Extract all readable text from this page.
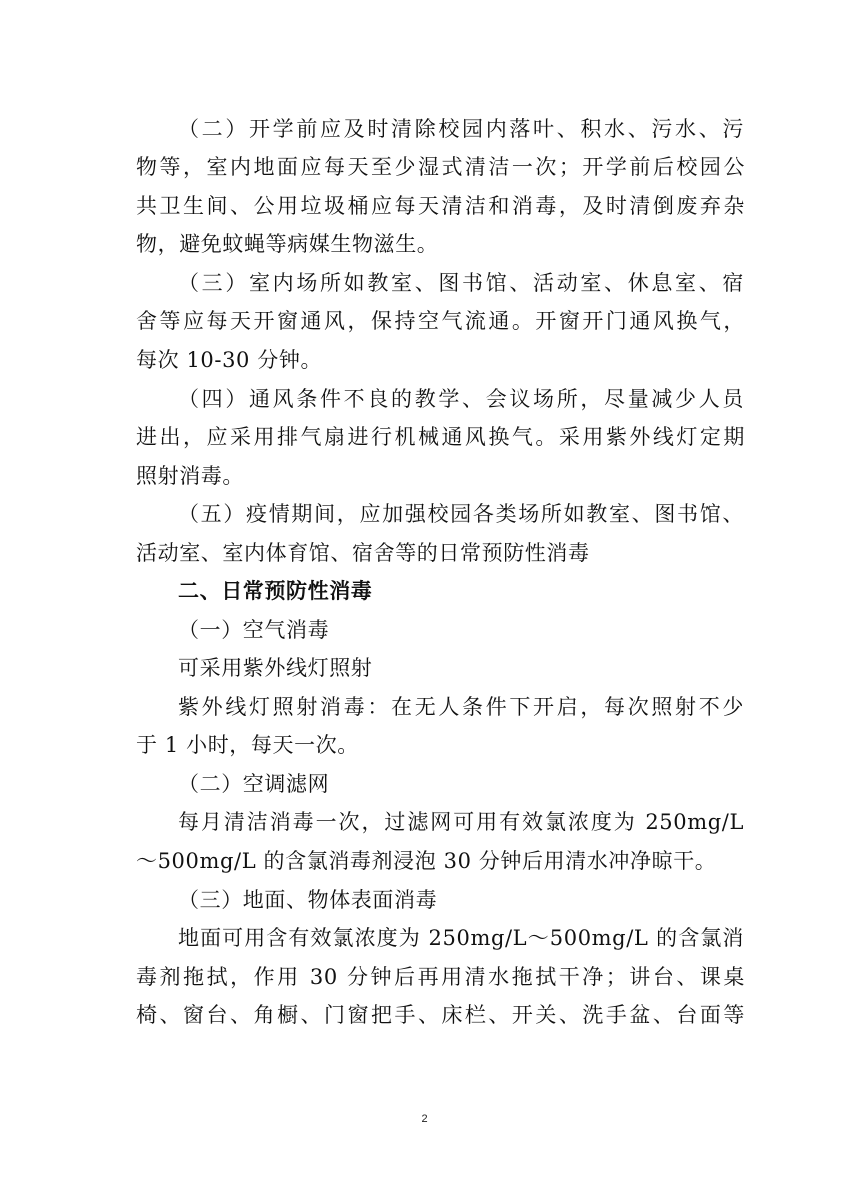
（二）开学前应及时清除校园内落叶、积水、污水、污
物等，室内地面应每天至少湿式清洁一次；开学前后校园公
共卫生间、公用垃圾桶应每天清洁和消毒，及时清倒废弃杂
物，避免蚊蝇等病媒生物滋生。
（三）室内场所如教室、图书馆、活动室、休息室、宿
舍等应每天开窗通风，保持空气流通。开窗开门通风换气，
每次 10-30 分钟。
（四）通风条件不良的教学、会议场所，尽量减少人员
进出，应采用排气扇进行机械通风换气。采用紫外线灯定期
照射消毒。
（五）疫情期间，应加强校园各类场所如教室、图书馆、
活动室、室内体育馆、宿舍等的日常预防性消毒
二、日常预防性消毒
（一）空气消毒
可采用紫外线灯照射
紫外线灯照射消毒：在无人条件下开启，每次照射不少
于 1 小时，每天一次。
（二）空调滤网
每月清洁消毒一次，过滤网可用有效氯浓度为 250mg/L
～500mg/L 的含氯消毒剂浸泡 30 分钟后用清水冲净晾干。
（三）地面、物体表面消毒
地面可用含有效氯浓度为 250mg/L～500mg/L 的含氯消
毒剂拖拭，作用 30 分钟后再用清水拖拭干净；讲台、课桌
椅、窗台、角橱、门窗把手、床栏、开关、洗手盆、台面等
2
